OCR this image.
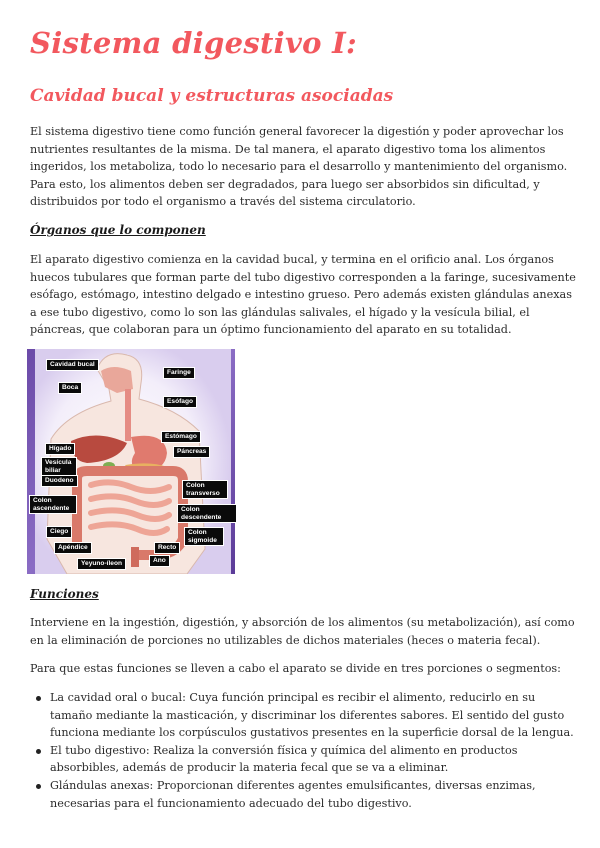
Sistema digestivo I:
Cavidad bucal y estructuras asociadas

El sistema digestivo tiene como función general favorecer la digestión y poder aprovechar los nutrientes resultantes de la misma. De tal manera, el aparato digestivo toma los alimentos ingeridos, los metaboliza, todo lo necesario para el desarrollo y mantenimiento del organismo. Para esto, los alimentos deben ser degradados, para luego ser absorbidos sin dificultad, y distribuidos por todo el organismo a través del sistema circulatorio.

Órganos que lo componen

El aparato digestivo comienza en la cavidad bucal, y termina en el orificio anal. Los órganos huecos tubulares que forman parte del tubo digestivo corresponden a la faringe, sucesivamente esófago, estómago, intestino delgado e intestino grueso. Pero además existen glándulas anexas a ese tubo digestivo, como lo son las glándulas salivales, el hígado y la vesícula bilial, el páncreas, que colaboran para un óptimo funcionamiento del aparato en su totalidad.

Cavidad bucal
Boca
Faringe
Esófago
Estómago
Páncreas
Hígado
Vesícula biliar
Duodeno
Colon ascendente
Colon transverso
Colon descendente
Colon sigmoide
Ciego
Apéndice	Recto
Ano
Yeyuno-íleon
Funciones

Interviene en la ingestión, digestión, y absorción de los alimentos (su metabolización), así como en la eliminación de porciones no utilizables de dichos materiales (heces o materia fecal).

Para que estas funciones se lleven a cabo el aparato se divide en tres porciones o segmentos:

La cavidad oral o bucal: Cuya función principal es recibir el alimento, reducirlo en su tamaño mediante la masticación, y discriminar los diferentes sabores. El sentido del gusto funciona mediante los corpúsculos gustativos presentes en la superficie dorsal de la lengua.
El tubo digestivo: Realiza la conversión física y química del alimento en productos absorbibles, además de producir la materia fecal que se va a eliminar.
Glándulas anexas: Proporcionan diferentes agentes emulsificantes, diversas enzimas, necesarias para el funcionamiento adecuado del tubo digestivo.
